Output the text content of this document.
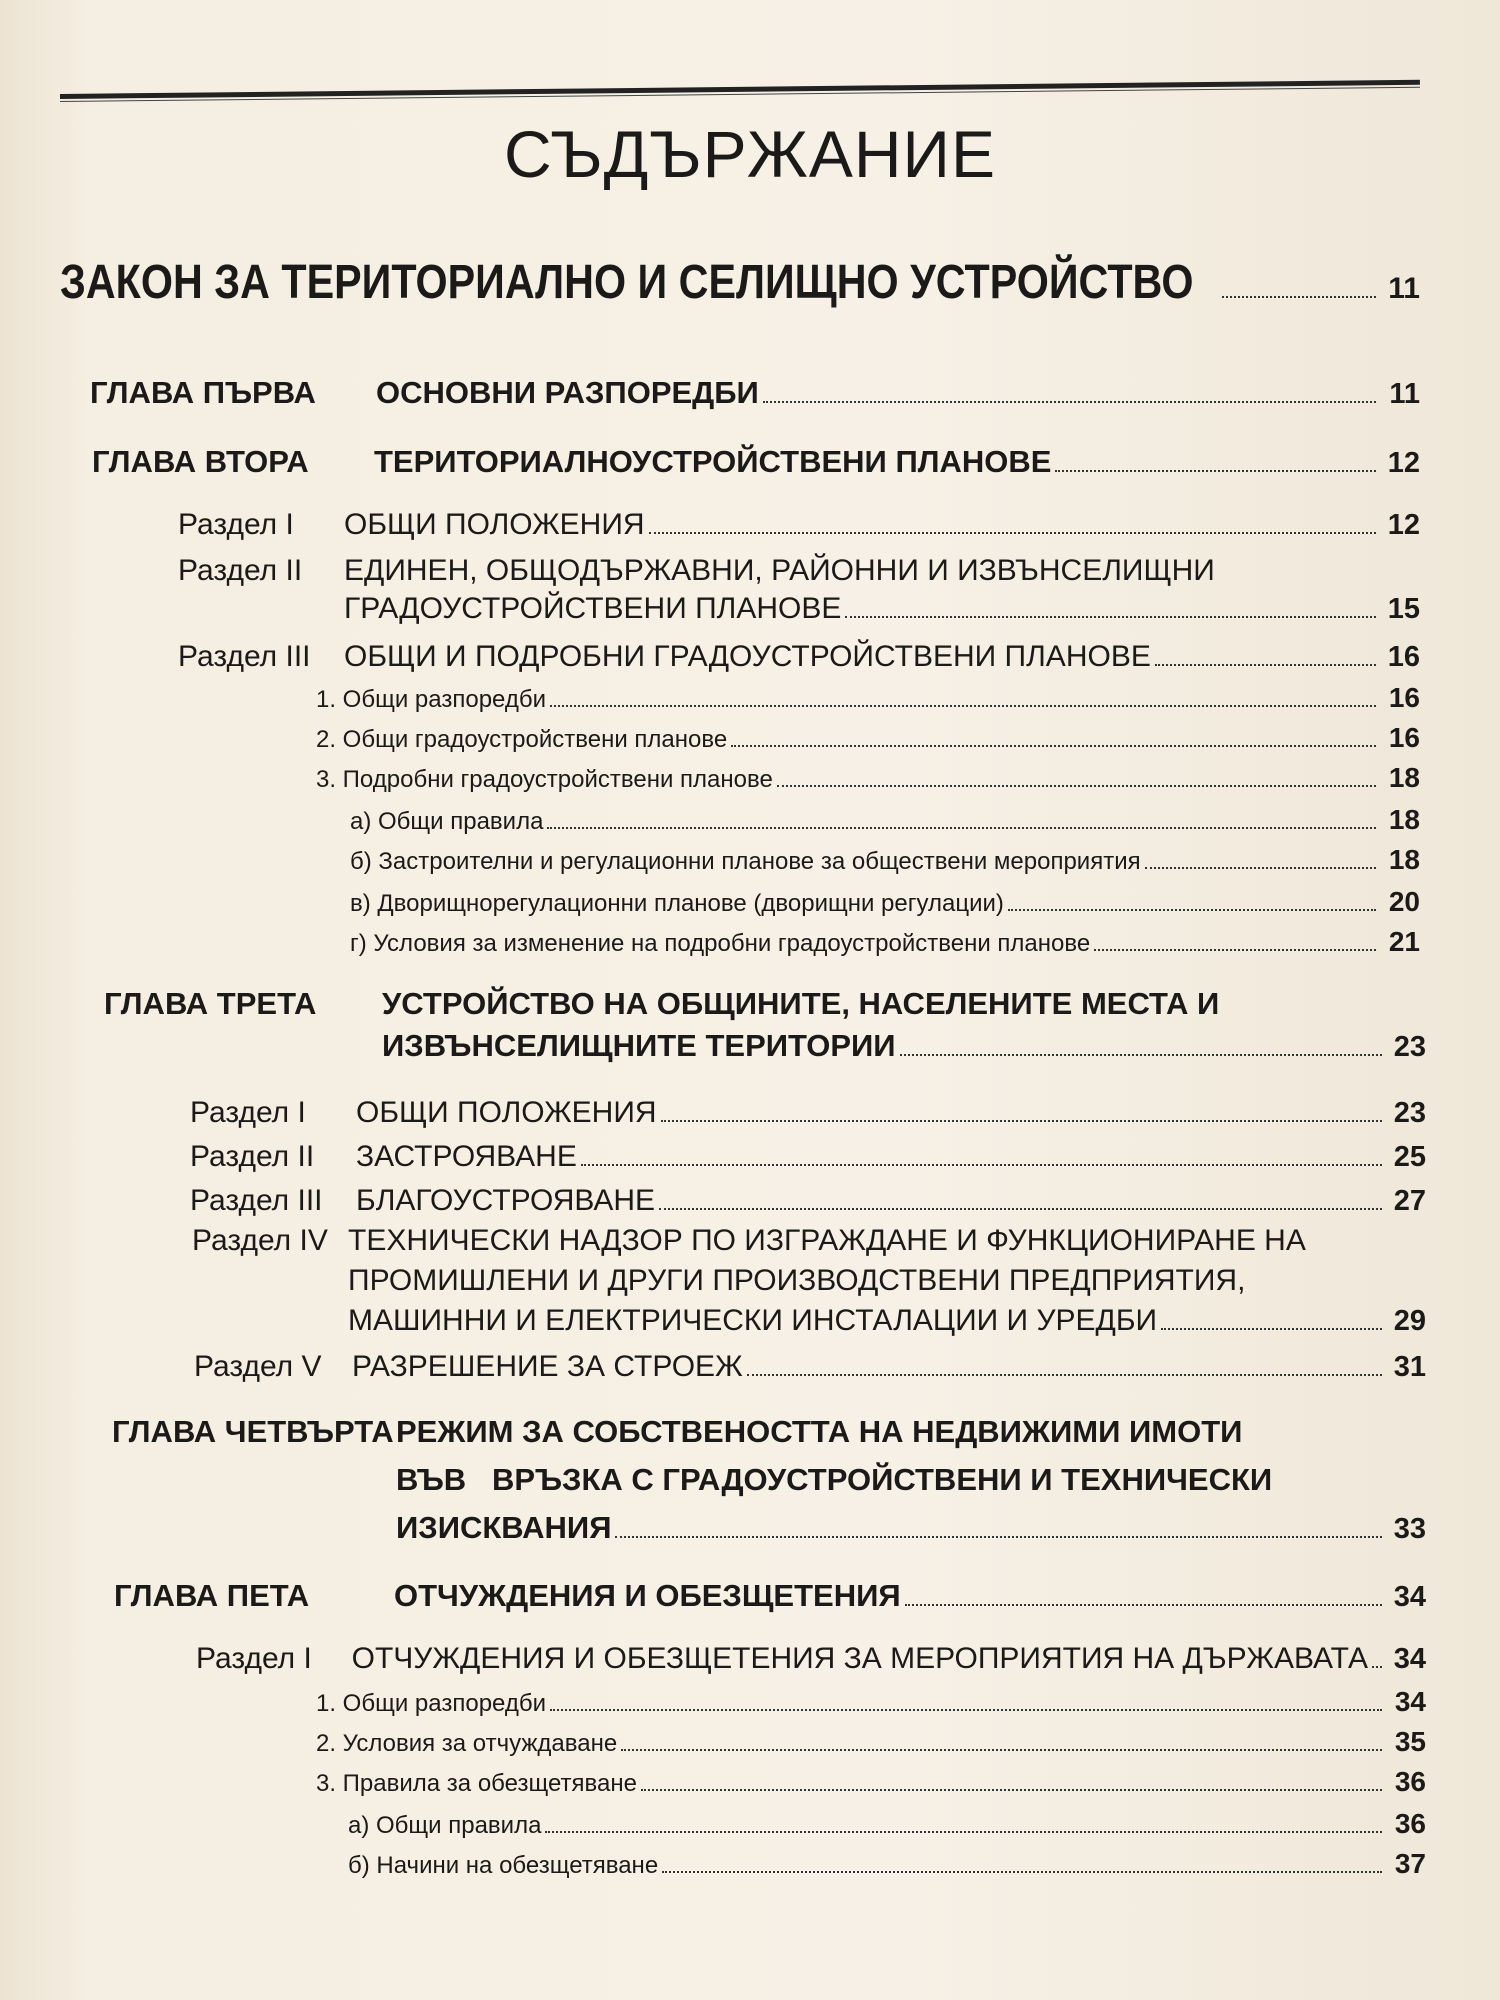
СЪДЪРЖАНИЕ
ЗАКОН ЗА ТЕРИТОРИАЛНО И СЕЛИЩНО УСТРОЙСТВО	11
ГЛАВА ПЪРВА	ОСНОВНИ РАЗПОРЕДБИ	11
ГЛАВА ВТОРА	ТЕРИТОРИАЛНОУСТРОЙСТВЕНИ ПЛАНОВЕ	12
Раздел I	ОБЩИ ПОЛОЖЕНИЯ	12
Раздел II	ЕДИНЕН, ОБЩОДЪРЖАВНИ, РАЙОННИ И ИЗВЪНСЕЛИЩНИ
ГРАДОУСТРОЙСТВЕНИ ПЛАНОВЕ	15
Раздел III	ОБЩИ И ПОДРОБНИ ГРАДОУСТРОЙСТВЕНИ ПЛАНОВЕ	16
1. Общи разпоредби	16
2. Общи градоустройствени планове	16
3. Подробни градоустройствени планове	18
а) Общи правила	18
б) Застроителни и регулационни планове за обществени мероприятия	18
в) Дворищнорегулационни планове (дворищни регулации)	20
г) Условия за изменение на подробни градоустройствени планове	21
ГЛАВА ТРЕТА	УСТРОЙСТВО НА ОБЩИНИТЕ, НАСЕЛЕНИТЕ МЕСТА И
ИЗВЪНСЕЛИЩНИТЕ ТЕРИТОРИИ	23
Раздел I	ОБЩИ ПОЛОЖЕНИЯ	23
Раздел II	ЗАСТРОЯВАНЕ	25
Раздел III	БЛАГОУСТРОЯВАНЕ	27
Раздел IV ТЕХНИЧЕСКИ НАДЗОР ПО ИЗГРАЖДАНЕ И ФУНКЦИОНИРАНЕ НА
ПРОМИШЛЕНИ И ДРУГИ ПРОИЗВОДСТВЕНИ ПРЕДПРИЯТИЯ,
МАШИННИ И ЕЛЕКТРИЧЕСКИ ИНСТАЛАЦИИ И УРЕДБИ	29
Раздел V	РАЗРЕШЕНИЕ ЗА СТРОЕЖ	31
ГЛАВА ЧЕТВЪРТА РЕЖИМ ЗА СОБСТВЕНОСТТА НА НЕДВИЖИМИ ИМОТИ
ВЪВ   ВРЪЗКА С ГРАДОУСТРОЙСТВЕНИ И ТЕХНИЧЕСКИ
ИЗИСКВАНИЯ	33
ГЛАВА ПЕТА	ОТЧУЖДЕНИЯ И ОБЕЗЩЕТЕНИЯ	34
Раздел I	ОТЧУЖДЕНИЯ И ОБЕЗЩЕТЕНИЯ ЗА МЕРОПРИЯТИЯ НА ДЪРЖАВАТА 34
1. Общи разпоредби	34
2. Условия за отчуждаване	35
3. Правила за обезщетяване	36
а) Общи правила	36
б) Начини на обезщетяване	37
